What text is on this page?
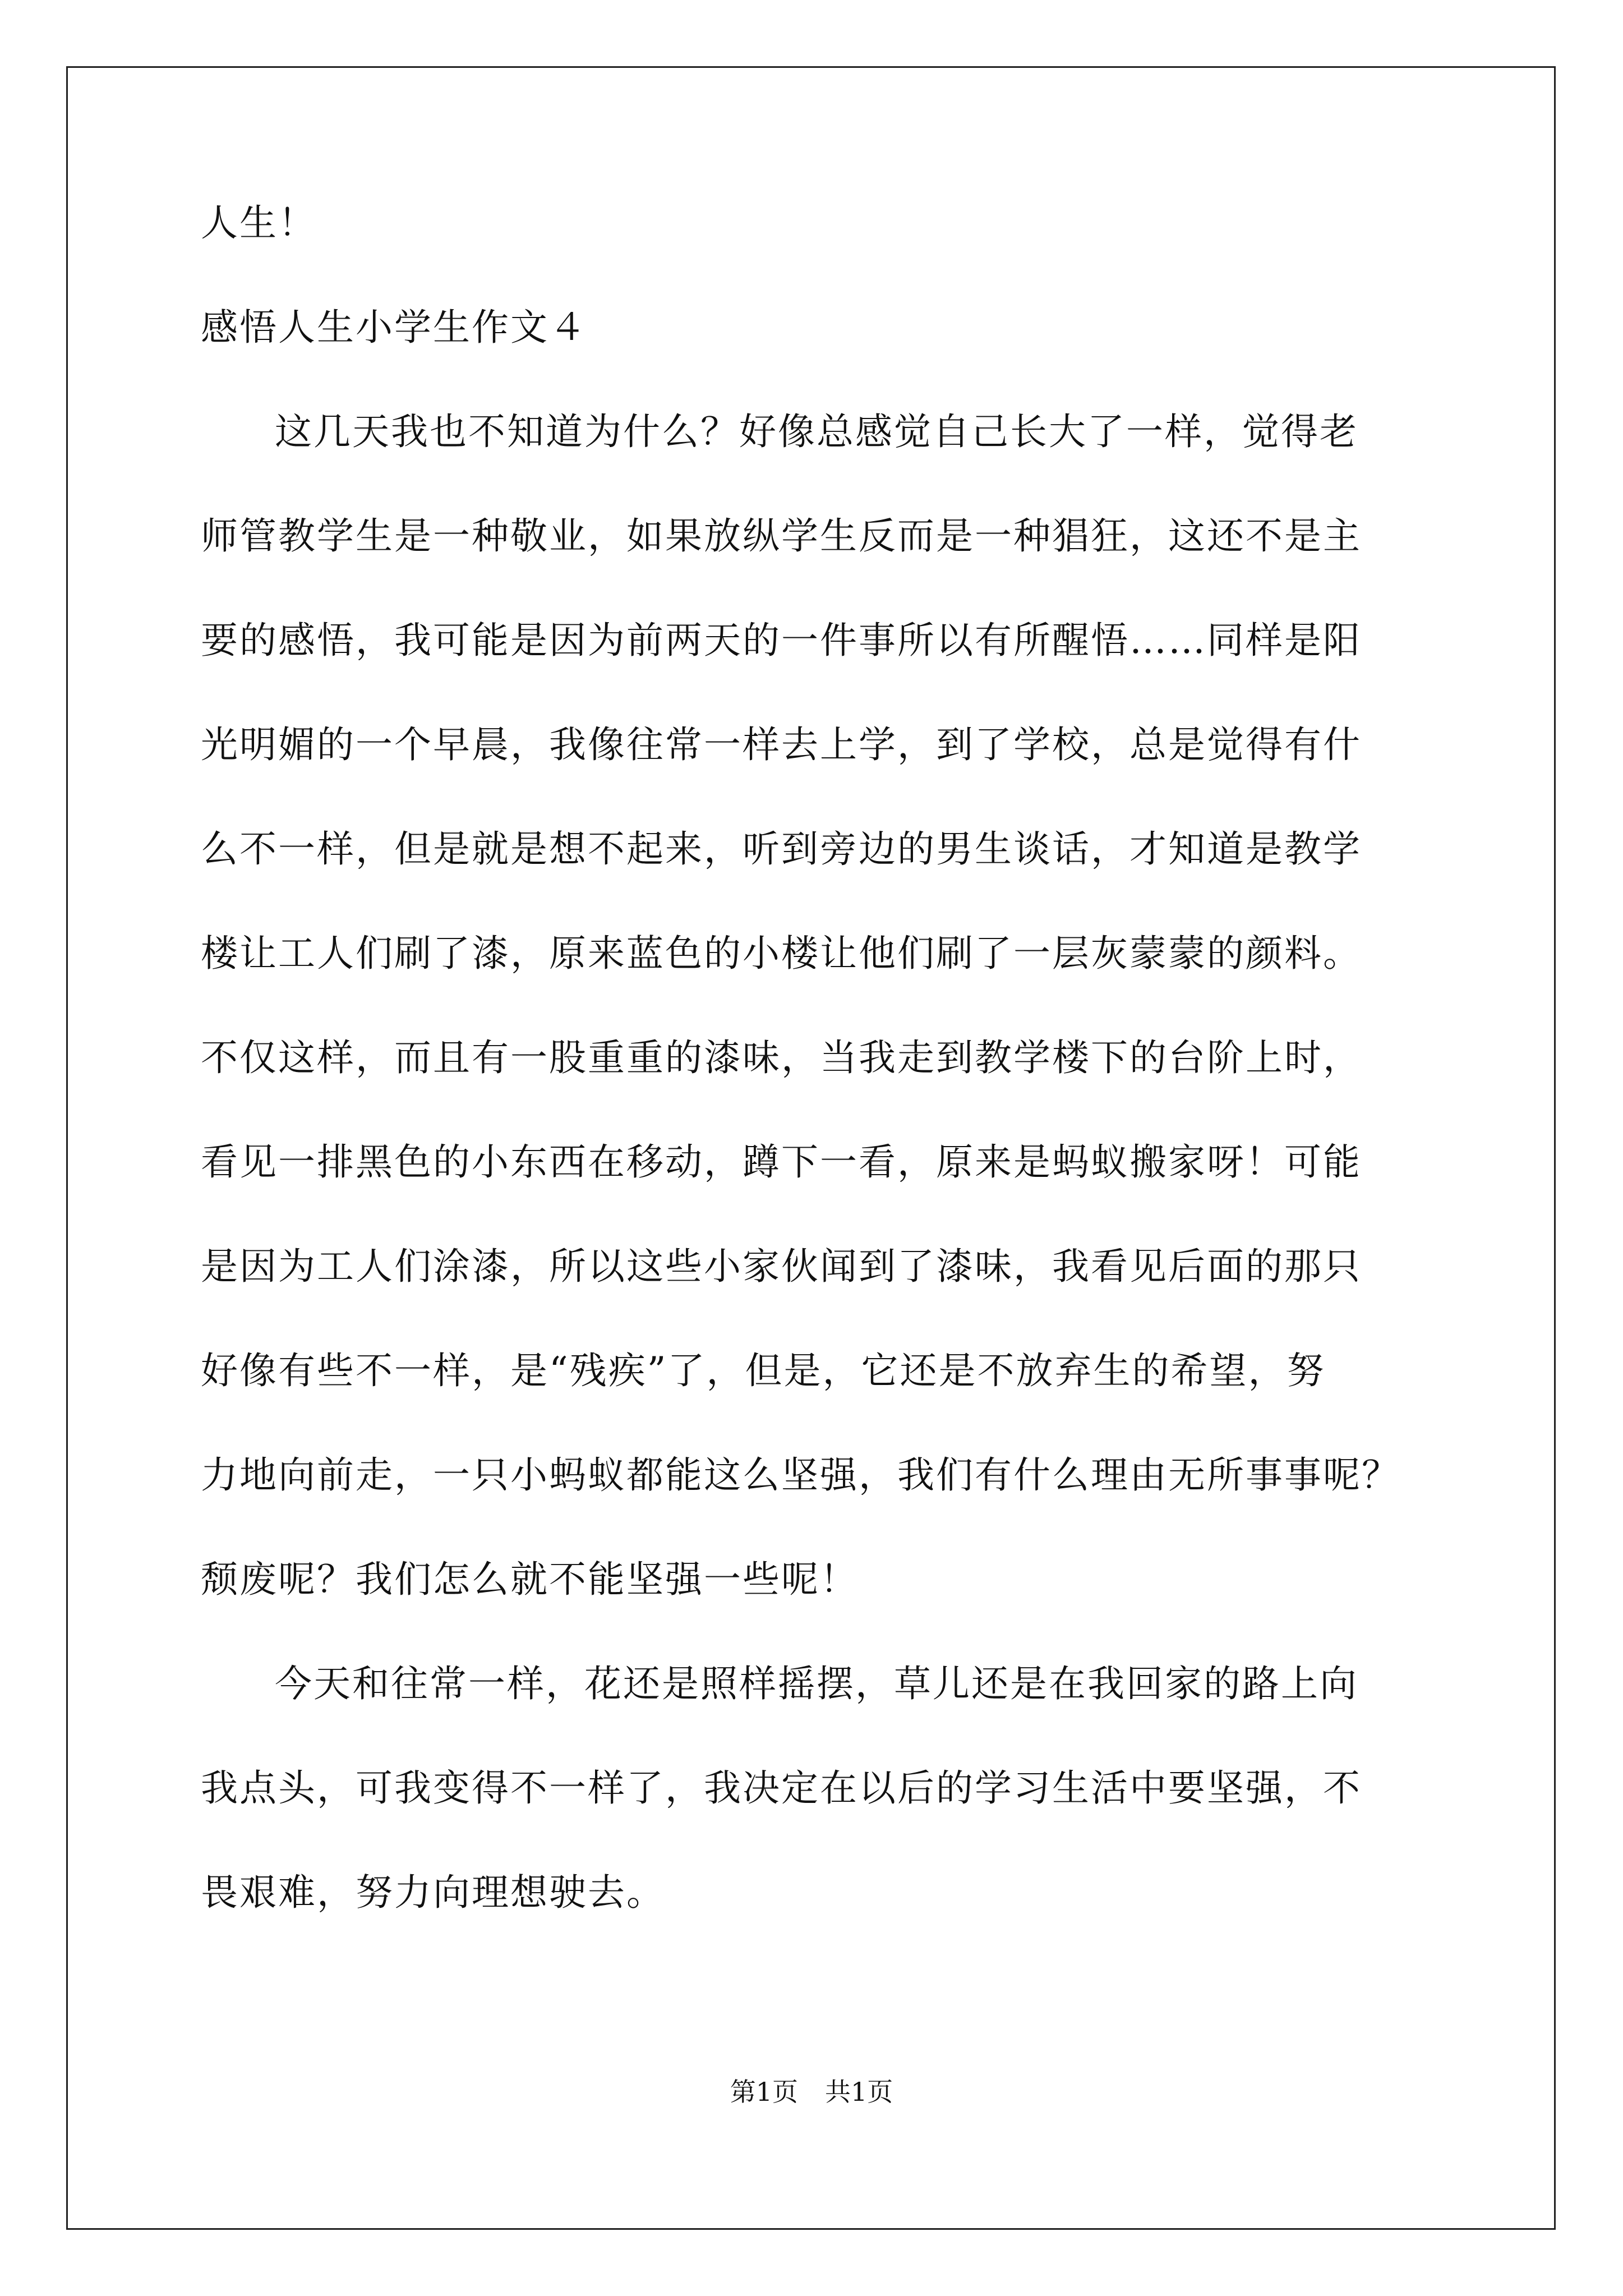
人生！
感悟人生小学生作文４
这几天我也不知道为什么？好像总感觉自己长大了一样，觉得老
师管教学生是一种敬业，如果放纵学生反而是一种猖狂，这还不是主
要的感悟，我可能是因为前两天的一件事所以有所醒悟……同样是阳
光明媚的一个早晨，我像往常一样去上学，到了学校，总是觉得有什
么不一样，但是就是想不起来，听到旁边的男生谈话，才知道是教学
楼让工人们刷了漆，原来蓝色的小楼让他们刷了一层灰蒙蒙的颜料。
不仅这样，而且有一股重重的漆味，当我走到教学楼下的台阶上时，
看见一排黑色的小东西在移动，蹲下一看，原来是蚂蚁搬家呀！可能
是因为工人们涂漆，所以这些小家伙闻到了漆味，我看见后面的那只
好像有些不一样，是“残疾”了，但是，它还是不放弃生的希望，努
力地向前走，一只小蚂蚁都能这么坚强，我们有什么理由无所事事呢？
颓废呢？我们怎么就不能坚强一些呢！
今天和往常一样，花还是照样摇摆，草儿还是在我回家的路上向
我点头，可我变得不一样了，我决定在以后的学习生活中要坚强，不
畏艰难，努力向理想驶去。
第1页 共1页
